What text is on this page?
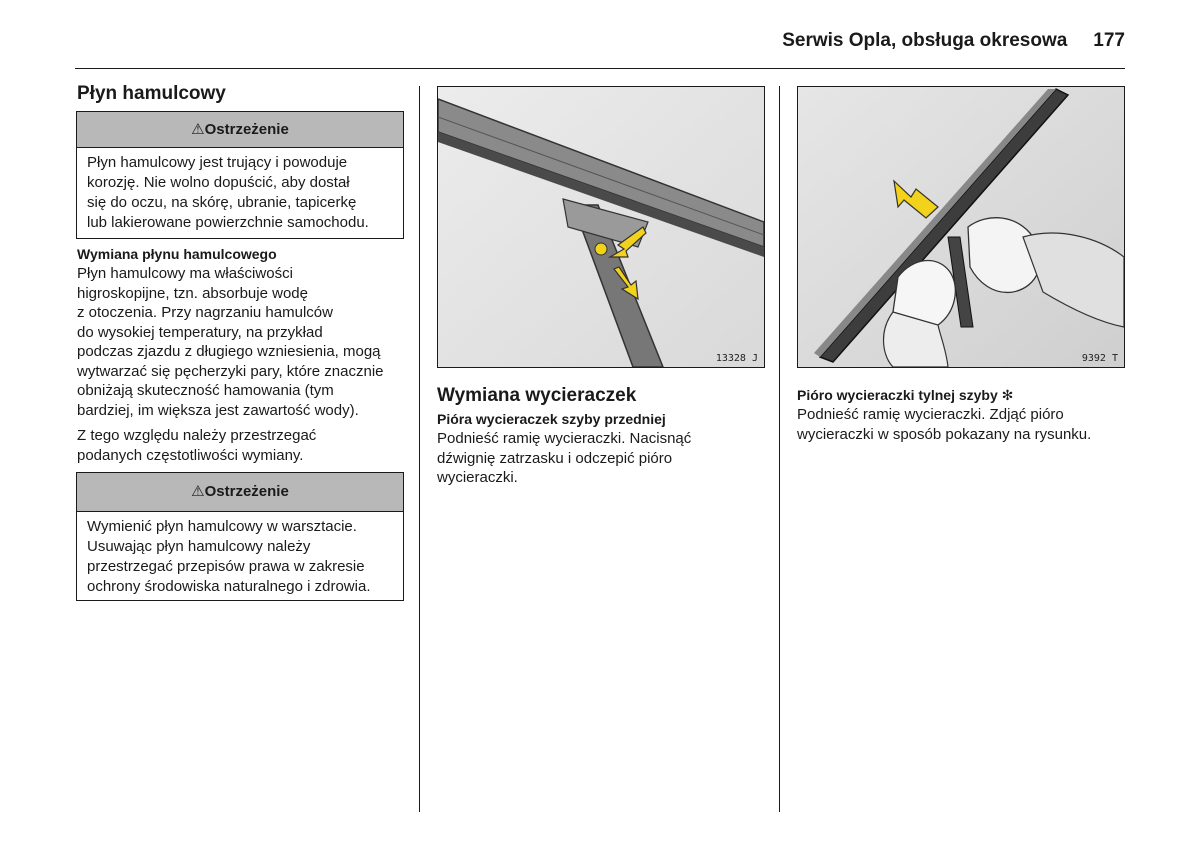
Serwis Opla, obsługa okresowa 177
Płyn hamulcowy
⚠Ostrzeżenie
Płyn hamulcowy jest trujący i powoduje
korozję. Nie wolno dopuścić, aby dostał
się do oczu, na skórę, ubranie, tapicerkę
lub lakierowane powierzchnie samochodu.
Wymiana płynu hamulcowego
Płyn hamulcowy ma właściwości
higroskopijne, tzn. absorbuje wodę
z otoczenia. Przy nagrzaniu hamulców
do wysokiej temperatury, na przykład
podczas zjazdu z długiego wzniesienia, mogą
wytwarzać się pęcherzyki pary, które znacznie
obniżają skuteczność hamowania (tym
bardziej, im większa jest zawartość wody).
Z tego względu należy przestrzegać
podanych częstotliwości wymiany.
⚠Ostrzeżenie
Wymienić płyn hamulcowy w warsztacie.
Usuwając płyn hamulcowy należy
przestrzegać przepisów prawa w zakresie
ochrony środowiska naturalnego i zdrowia.
13328 J
Wymiana wycieraczek
Pióra wycieraczek szyby przedniej
Podnieść ramię wycieraczki. Nacisnąć
dźwignię zatrzasku i odczepić pióro
wycieraczki.
9392 T
Pióro wycieraczki tylnej szyby ✻
Podnieść ramię wycieraczki. Zdjąć pióro
wycieraczki w sposób pokazany na rysunku.
